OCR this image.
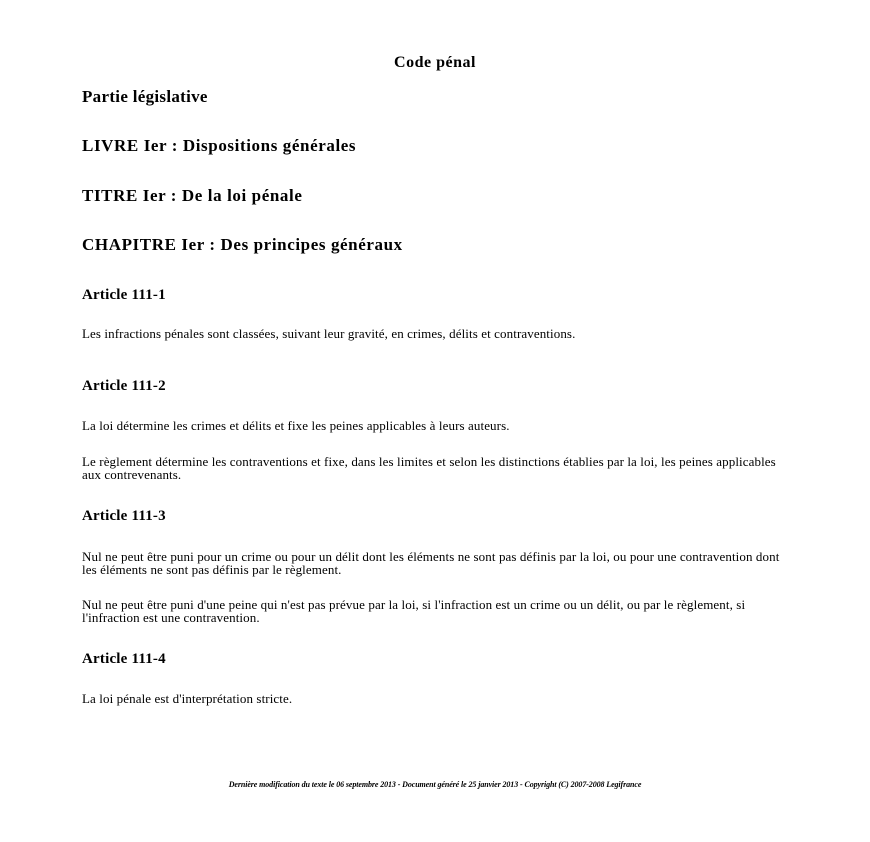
Code pénal
Partie législative
LIVRE Ier : Dispositions générales
TITRE Ier : De la loi pénale
CHAPITRE Ier : Des principes généraux
Article 111-1
Les infractions pénales sont classées, suivant leur gravité, en crimes, délits et contraventions.
Article 111-2
La loi détermine les crimes et délits et fixe les peines applicables à leurs auteurs.
Le règlement détermine les contraventions et fixe, dans les limites et selon les distinctions établies par la loi, les peines applicables aux contrevenants.
Article 111-3
Nul ne peut être puni pour un crime ou pour un délit dont les éléments ne sont pas définis par la loi, ou pour une contravention dont les éléments ne sont pas définis par le règlement.
Nul ne peut être puni d'une peine qui n'est pas prévue par la loi, si l'infraction est un crime ou un délit, ou par le règlement, si l'infraction est une contravention.
Article 111-4
La loi pénale est d'interprétation stricte.
Dernière modification du texte le 06 septembre 2013 - Document généré le 25 janvier 2013 - Copyright (C) 2007-2008 Legifrance
